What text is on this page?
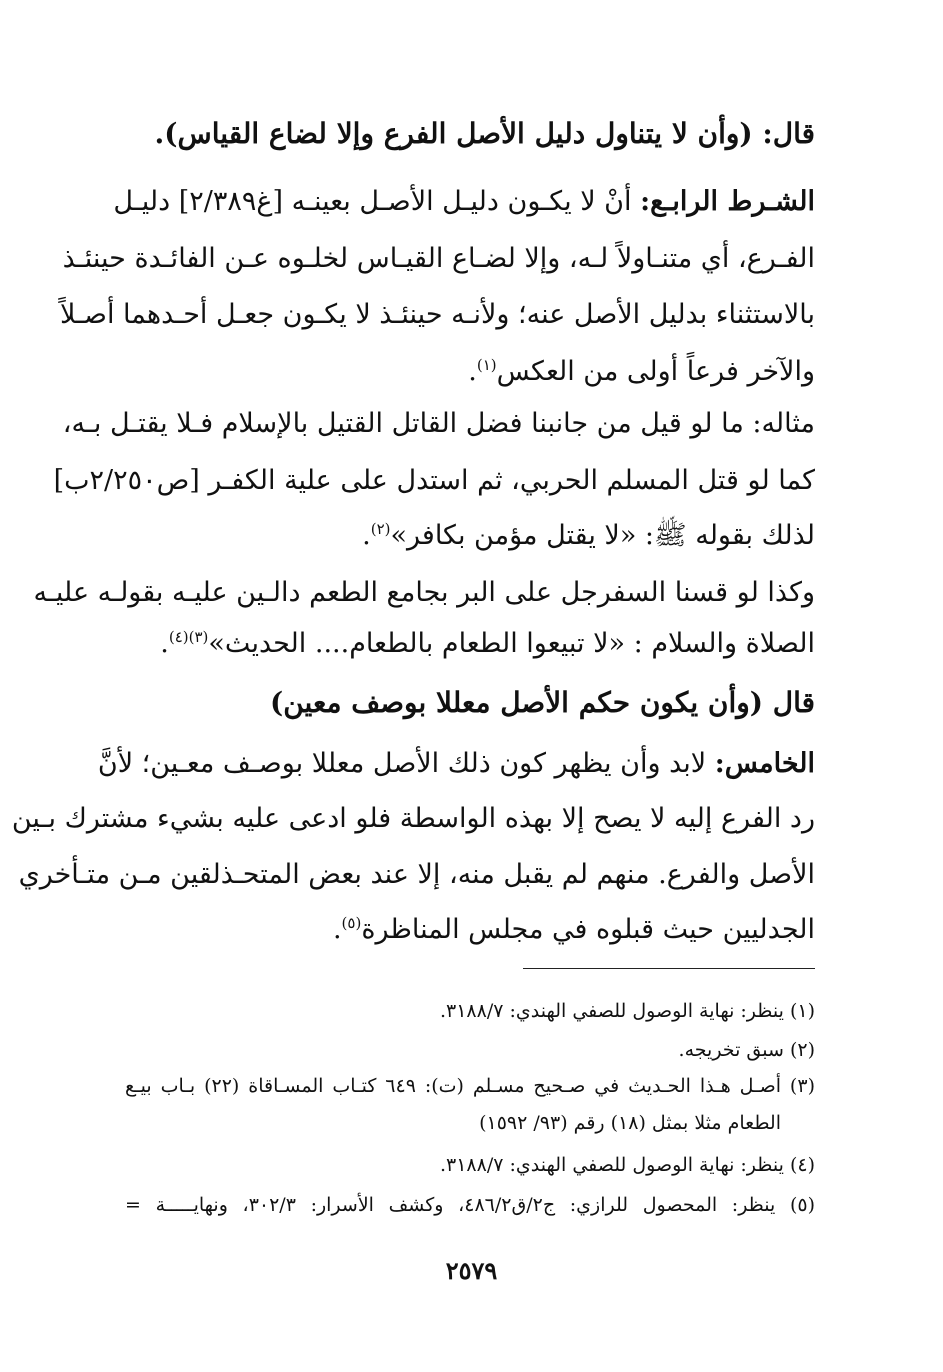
قال: (وأن لا يتناول دليل الأصل الفرع وإلا لضاع القياس).
الشـرط الرابـع: أنْ لا يكـون دليـل الأصـل بعينـه [غ٢/٣٨٩] دليـل
الفـرع، أي متنـاولاً لـه، وإلا لضـاع القيـاس لخلـوه عـن الفائـدة حينئـذ
بالاستثناء بدليل الأصل عنه؛ ولأنـه حينئـذ لا يكـون جعـل أحـدهما أصـلاً
والآخر فرعاً أولى من العكس$^{(١)}$.
مثاله: ما لو قيل من جانبنا فضل القاتل القتيل بالإسلام فـلا يقتـل بـه،
كما لو قتل المسلم الحربي، ثم استدل على علية الكفـر [ص٢/٢٥٠ب]
لذلك بقوله ﷺ: «لا يقتل مؤمن بكافر»$^{(٢)}$.
وكذا لو قسنا السفرجل على البر بجامع الطعم دالـين عليـه بقولـه عليـه
الصلاة والسلام : «لا تبيعوا الطعام بالطعام.... الحديث»$^{(٣)(٤)}$.
قال (وأن يكون حكم الأصل معللا بوصف معين)
الخامس: لابد وأن يظهر كون ذلك الأصل معللا بوصـف معـين؛ لأنَّ
رد الفرع إليه لا يصح إلا بهذه الواسطة فلو ادعى عليه بشيء مشترك بـين
الأصل والفرع. منهم لم يقبل منه، إلا عند بعض المتحـذلقين مـن متـأخري
الجدليين حيث قبلوه في مجلس المناظرة$^{(٥)}$.
(١) ينظر: نهاية الوصول للصفي الهندي: ٣١٨٨/٧.
(٢) سبق تخريجه.
(٣) أصـل هـذا الحـديث في صـحيح مسـلم (ت): ٦٤٩ كتـاب المسـاقاة (٢٢) بـاب بيـع
الطعام مثلا بمثل (١٨) رقم (٩٣/ ١٥٩٢)
(٤) ينظر: نهاية الوصول للصفي الهندي: ٣١٨٨/٧.
(٥) ينظر: المحصول للرازي: ج٢/ق٤٨٦/٢، وكشف الأسرار: ٣٠٢/٣، ونهايـــــة =
٢٥٧٩
